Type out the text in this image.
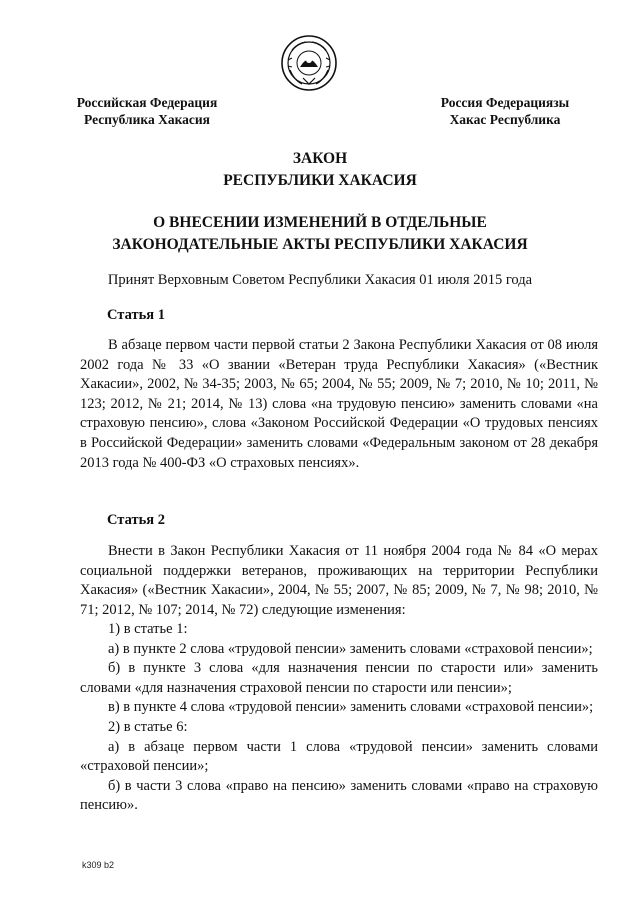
Российская Федерация
Республика Хакасия
Россия Федерациязы
Хакас Республика
ЗАКОН
РЕСПУБЛИКИ ХАКАСИЯ
О ВНЕСЕНИИ ИЗМЕНЕНИЙ В ОТДЕЛЬНЫЕ
ЗАКОНОДАТЕЛЬНЫЕ АКТЫ РЕСПУБЛИКИ ХАКАСИЯ
Принят Верховным Советом Республики Хакасия 01 июля 2015 года
Статья 1

В абзаце первом части первой статьи 2 Закона Республики Хакасия от 08 июля 2002 года № 33 «О звании «Ветеран труда Республики Хакасия» («Вестник Хакасии», 2002, № 34-35; 2003, № 65; 2004, № 55; 2009, № 7; 2010, № 10; 2011, № 123; 2012, № 21; 2014, № 13) слова «на трудовую пенсию» заменить словами «на страховую пенсию», слова «Законом Российской Федерации «О трудовых пенсиях в Российской Федерации» заменить словами «Федеральным законом от 28 декабря 2013 года № 400-ФЗ «О страховых пенсиях».

Статья 2

Внести в Закон Республики Хакасия от 11 ноября 2004 года № 84 «О мерах социальной поддержки ветеранов, проживающих на территории Республики Хакасия» («Вестник Хакасии», 2004, № 55; 2007, № 85; 2009, № 7, № 98; 2010, № 71; 2012, № 107; 2014, № 72) следующие изменения:

1) в статье 1:

а) в пункте 2 слова «трудовой пенсии» заменить словами «страховой пенсии»;

б) в пункте 3 слова «для назначения пенсии по старости или» заменить словами «для назначения страховой пенсии по старости или пенсии»;

в) в пункте 4 слова «трудовой пенсии» заменить словами «страховой пенсии»;

2) в статье 6:

а) в абзаце первом части 1 слова «трудовой пенсии» заменить словами «страховой пенсии»;

б) в части 3 слова «право на пенсию» заменить словами «право на страховую пенсию».

k309 b2
